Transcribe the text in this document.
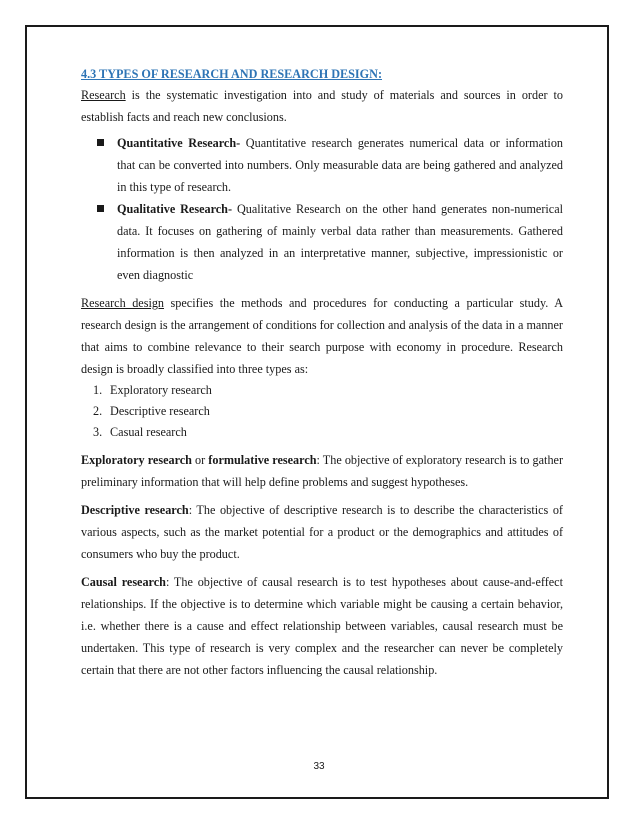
4.3 TYPES OF RESEARCH AND RESEARCH DESIGN:

Research is the systematic investigation into and study of materials and sources in order to establish facts and reach new conclusions.

Quantitative Research- Quantitative research generates numerical data or information that can be converted into numbers. Only measurable data are being gathered and analyzed in this type of research.
Qualitative Research- Qualitative Research on the other hand generates non-numerical data. It focuses on gathering of mainly verbal data rather than measurements. Gathered information is then analyzed in an interpretative manner, subjective, impressionistic or even diagnostic

Research design specifies the methods and procedures for conducting a particular study. A research design is the arrangement of conditions for collection and analysis of the data in a manner that aims to combine relevance to their search purpose with economy in procedure. Research design is broadly classified into three types as:

1. Exploratory research
2. Descriptive research
3. Casual research

Exploratory research or formulative research: The objective of exploratory research is to gather preliminary information that will help define problems and suggest hypotheses.

Descriptive research: The objective of descriptive research is to describe the characteristics of various aspects, such as the market potential for a product or the demographics and attitudes of consumers who buy the product.

Causal research: The objective of causal research is to test hypotheses about cause-and-effect relationships. If the objective is to determine which variable might be causing a certain behavior, i.e. whether there is a cause and effect relationship between variables, causal research must be undertaken. This type of research is very complex and the researcher can never be completely certain that there are not other factors influencing the causal relationship.

33
